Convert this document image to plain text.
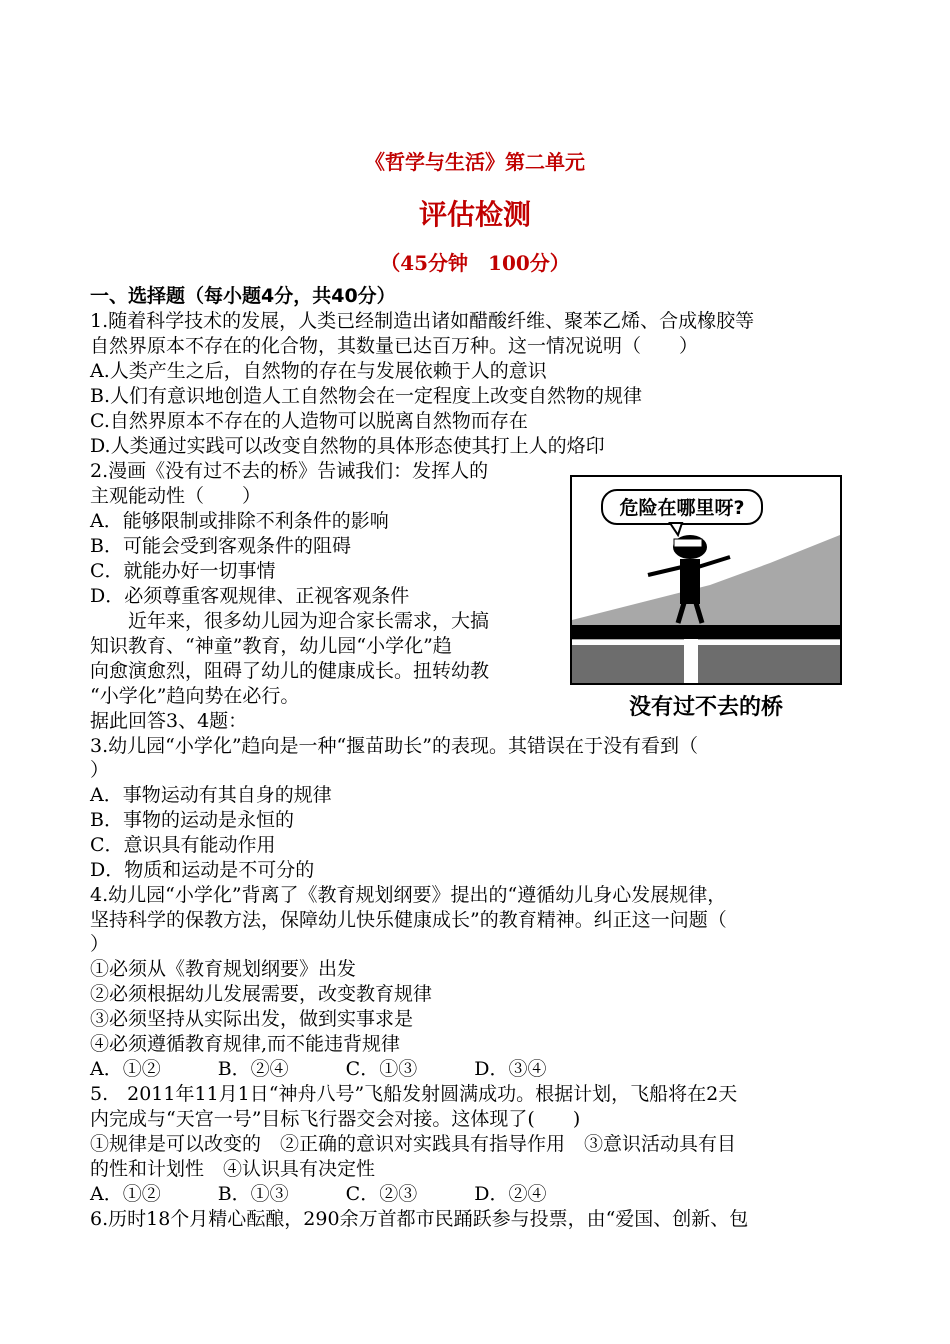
《哲学与生活》第二单元
评估检测
（45分钟　100分）
一、选择题（每小题4分，共40分）
1.随着科学技术的发展，人类已经制造出诸如醋酸纤维、聚苯乙烯、合成橡胶等
自然界原本不存在的化合物，其数量已达百万种。这一情况说明（　　）
A.人类产生之后，自然物的存在与发展依赖于人的意识
B.人们有意识地创造人工自然物会在一定程度上改变自然物的规律
C.自然界原本不存在的人造物可以脱离自然物而存在
D.人类通过实践可以改变自然物的具体形态使其打上人的烙印
2.漫画《没有过不去的桥》告诫我们：发挥人的
主观能动性（　　）
A．能够限制或排除不利条件的影响
B．可能会受到客观条件的阻碍
C．就能办好一切事情
D．必须尊重客观规律、正视客观条件
　　近年来，很多幼儿园为迎合家长需求，大搞
知识教育、“神童”教育，幼儿园“小学化”趋
向愈演愈烈，阻碍了幼儿的健康成长。扭转幼教
“小学化”趋向势在必行。
据此回答3、4题：
3.幼儿园“小学化”趋向是一种“揠苗助长”的表现。其错误在于没有看到（
）
A．事物运动有其自身的规律
B．事物的运动是永恒的
C．意识具有能动作用
D．物质和运动是不可分的
4.幼儿园“小学化”背离了《教育规划纲要》提出的“遵循幼儿身心发展规律，
坚持科学的保教方法，保障幼儿快乐健康成长”的教育精神。纠正这一问题（
）
①必须从《教育规划纲要》出发
②必须根据幼儿发展需要，改变教育规律
③必须坚持从实际出发，做到实事求是
④必须遵循教育规律,而不能违背规律
A．①②　　　B．②④　　　C．①③　　　D．③④
5.　2011年11月1日“神舟八号”飞船发射圆满成功。根据计划，飞船将在2天
内完成与“天宫一号”目标飞行器交会对接。这体现了(　　)
①规律是可以改变的　②正确的意识对实践具有指导作用　③意识活动具有目
的性和计划性　④认识具有决定性
A．①②　　　B．①③　　　C．②③　　　D．②④
6.历时18个月精心酝酿，290余万首都市民踊跃参与投票，由“爱国、创新、包
危险在哪里呀?
没有过不去的桥
